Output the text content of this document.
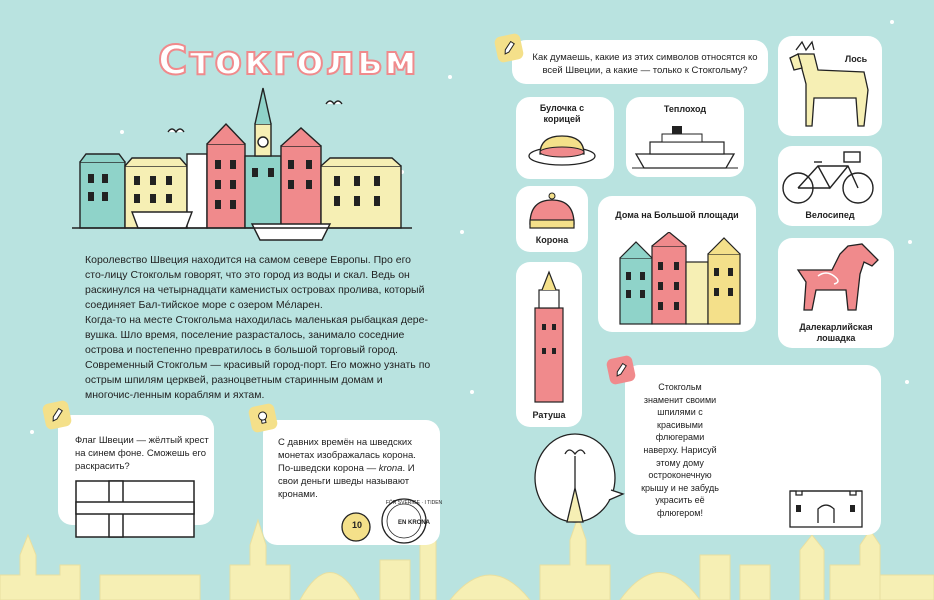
Стокгольм

Королевство Швеция находится на самом севере Европы. Про его сто-лицу Стокгольм говорят, что это город из воды и скал. Ведь он раскинулся на четырнадцати каменистых островах пролива, который соединяет Бал-тийское море с озером Мéларен.

Когда-то на месте Стокгольма находилась маленькая рыбацкая дере-вушка. Шло время, поселение разрасталось, занимало соседние острова и постепенно превратилось в большой торговый город.

Современный Стокгольм — красивый город-порт. Его можно узнать по острым шпилям церквей, разноцветным старинным домам и многочис-ленным кораблям и яхтам.

Флаг Швеции — жёлтый крест на синем фоне. Сможешь его раскрасить?
С давних времён на шведских монетах изображалась корона. По-шведски корона — krona. И свои деньги шведы называют кронами.
10
FÖR SVERIGE · I TIDEN
EN KRONA
Как думаешь, какие из этих символов относятся ко всей Швеции, а какие — только к Стокгольму?
Булочка с корицей
Теплоход
Корона
Дома на Большой площади
Ратуша
Лось
Велосипед
Далекарлийская лошадка
Стокгольм знаменит своими шпилями с красивыми флюгерами наверху. Нарисуй этому дому остроконечную крышу и не забудь украсить её флюгером!
